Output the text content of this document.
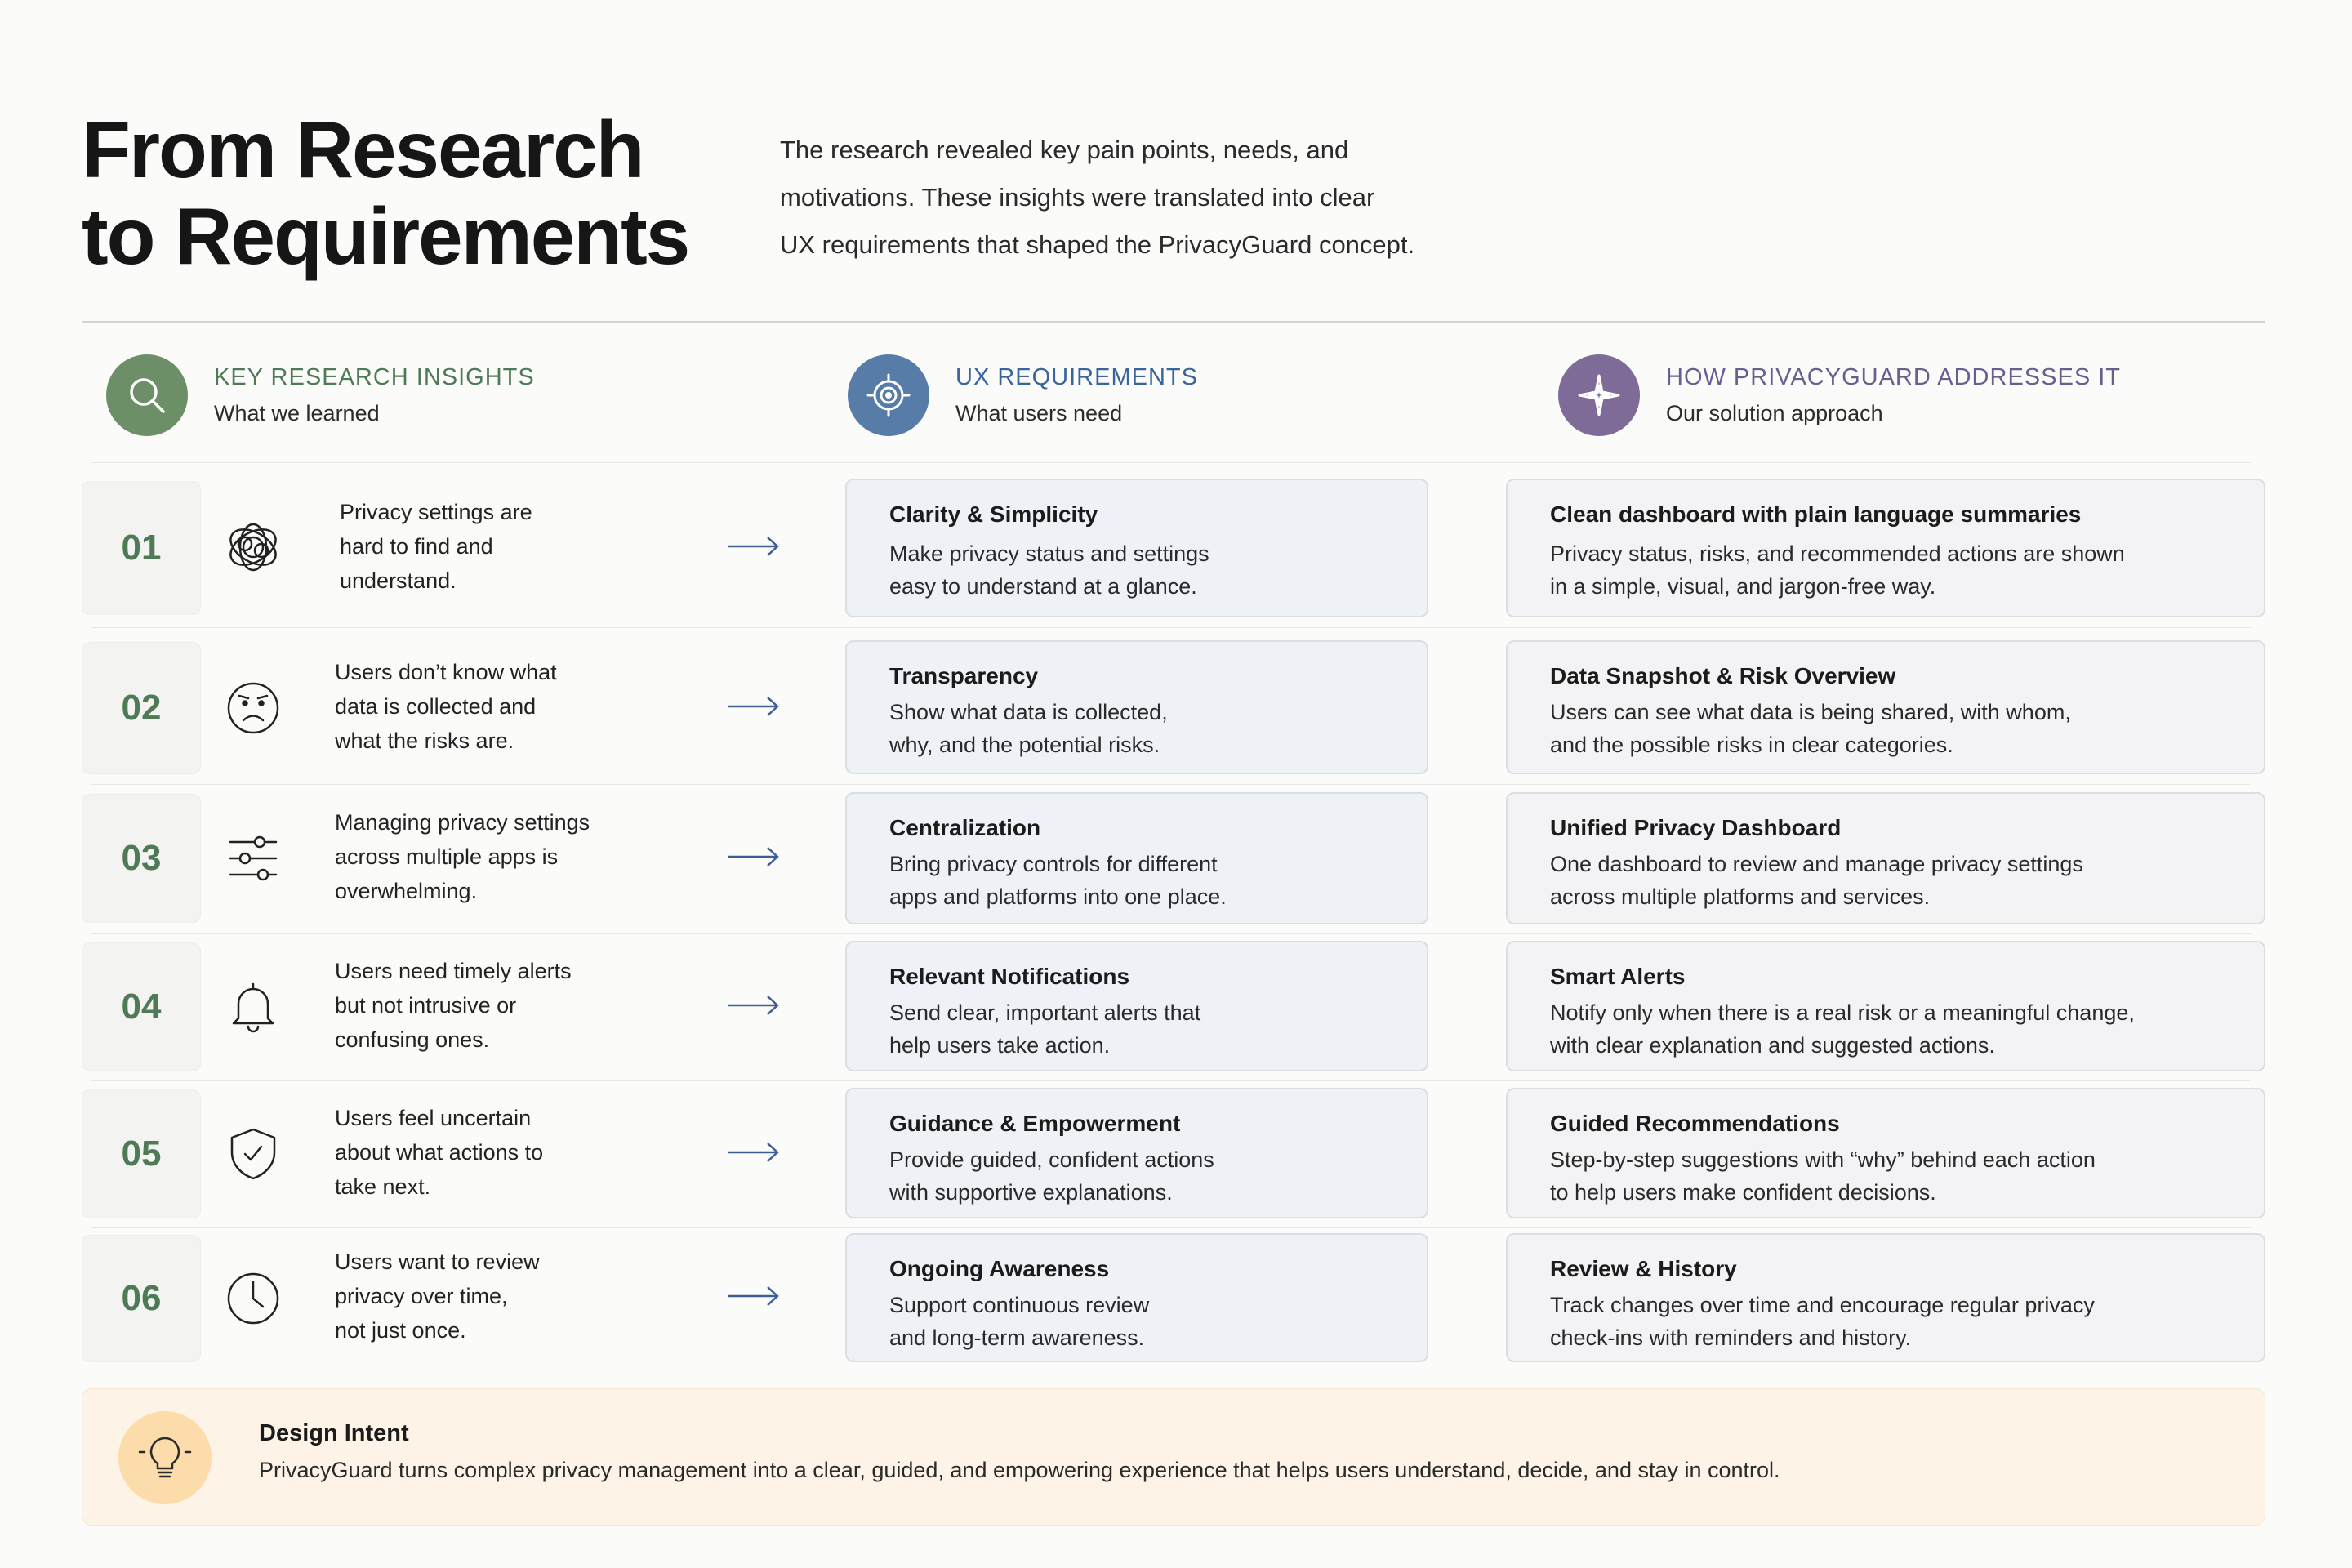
From Research
to Requirements
The research revealed key pain points, needs, and
motivations. These insights were translated into clear
UX requirements that shaped the PrivacyGuard concept.
KEY RESEARCH INSIGHTS
What we learned
UX REQUIREMENTS
What users need
HOW PRIVACYGUARD ADDRESSES IT
Our solution approach
01
Privacy settings are
hard to find and
understand.
Clarity & Simplicity
Make privacy status and settings
easy to understand at a glance.
Clean dashboard with plain language summaries
Privacy status, risks, and recommended actions are shown
in a simple, visual, and jargon-free way.
02
Users don’t know what
data is collected and
what the risks are.
Transparency
Show what data is collected,
why, and the potential risks.
Data Snapshot & Risk Overview
Users can see what data is being shared, with whom,
and the possible risks in clear categories.
03
Managing privacy settings
across multiple apps is
overwhelming.
Centralization
Bring privacy controls for different
apps and platforms into one place.
Unified Privacy Dashboard
One dashboard to review and manage privacy settings
across multiple platforms and services.
04
Users need timely alerts
but not intrusive or
confusing ones.
Relevant Notifications
Send clear, important alerts that
help users take action.
Smart Alerts
Notify only when there is a real risk or a meaningful change,
with clear explanation and suggested actions.
05
Users feel uncertain
about what actions to
take next.
Guidance & Empowerment
Provide guided, confident actions
with supportive explanations.
Guided Recommendations
Step-by-step suggestions with “why” behind each action
to help users make confident decisions.
06
Users want to review
privacy over time,
not just once.
Ongoing Awareness
Support continuous review
and long-term awareness.
Review & History
Track changes over time and encourage regular privacy
check-ins with reminders and history.
Design Intent
PrivacyGuard turns complex privacy management into a clear, guided, and empowering experience that helps users understand, decide, and stay in control.
